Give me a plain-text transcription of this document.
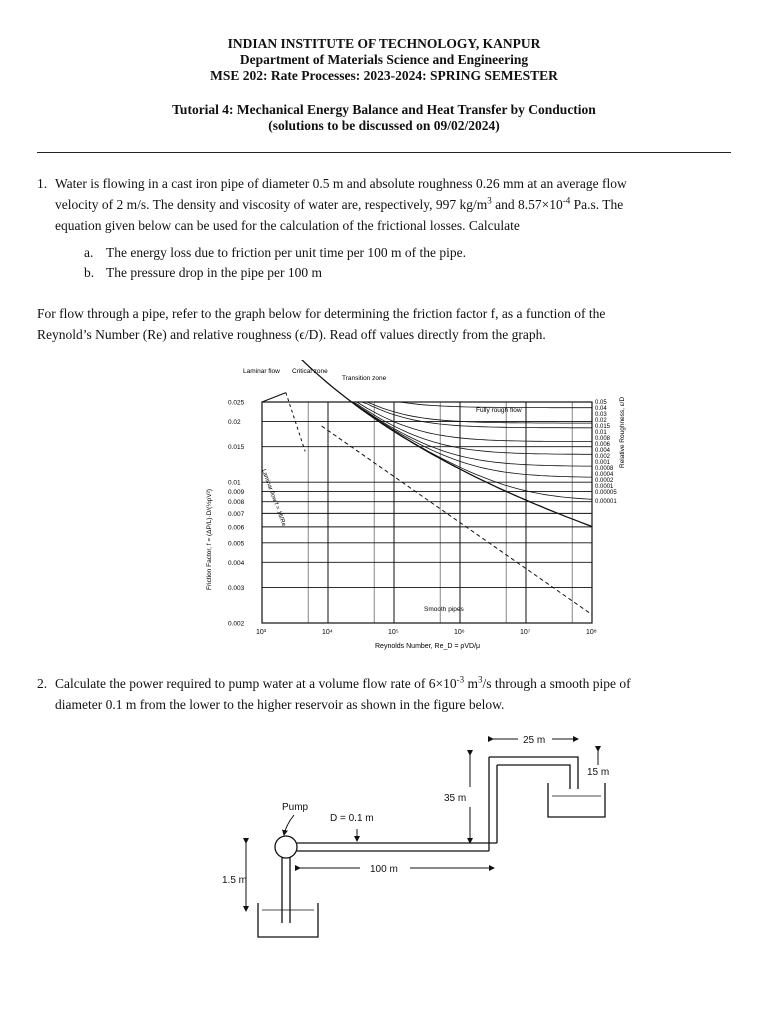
INDIAN INSTITUTE OF TECHNOLOGY, KANPUR
Department of Materials Science and Engineering
MSE 202: Rate Processes: 2023-2024: SPRING SEMESTER
Tutorial 4: Mechanical Energy Balance and Heat Transfer by Conduction
(solutions to be discussed on 09/02/2024)

1. Water is flowing in a cast iron pipe of diameter 0.5 m and absolute roughness 0.26 mm at an average flow

velocity of 2 m/s. The density and viscosity of water are, respectively, 997 $kg/m^3$ and $8.57\times 10^{-4}$ Pa.s. The

equation given below can be used for the calculation of the frictional losses. Calculate

a. The energy loss due to friction per unit time per 100 m of the pipe.
b. The pressure drop in the pipe per 100 m

For flow through a pipe, refer to the graph below for determining the friction factor f, as a function of the

Reynold’s Number (Re) and relative roughness (ϵ/D). Read off values directly from the graph.

10³	10⁴	10⁵	10⁶	10⁷	10⁸
0.025
0.02
0.015
0.01
0.009
0.008
0.007
0.006
0.005
0.004
0.003
0.002
0.05
0.04
0.03
0.02
0.015
0.01
0.008
0.006
0.004
0.002
0.001
0.0008
0.0004
0.0002
0.0001
0.00005
0.00001
Laminar flow Critical zone
Transition zone
Fully rough flow
Smooth pipes
Laminar flow f = 16/Re
Reynolds Number, Re_D = ρVD/μ
Friction Factor, f = (ΔP/L)·D/(½ρV²)
Relative Roughness, ε/D

2. Calculate the power required to pump water at a volume flow rate of $6\times 10^{-3}$ $m^3/s$ through a smooth pipe of

diameter 0.1 m from the lower to the higher reservoir as shown in the figure below.

Pump
D = 0.1 m
1.5 m
100 m
35 m
25 m
15 m
